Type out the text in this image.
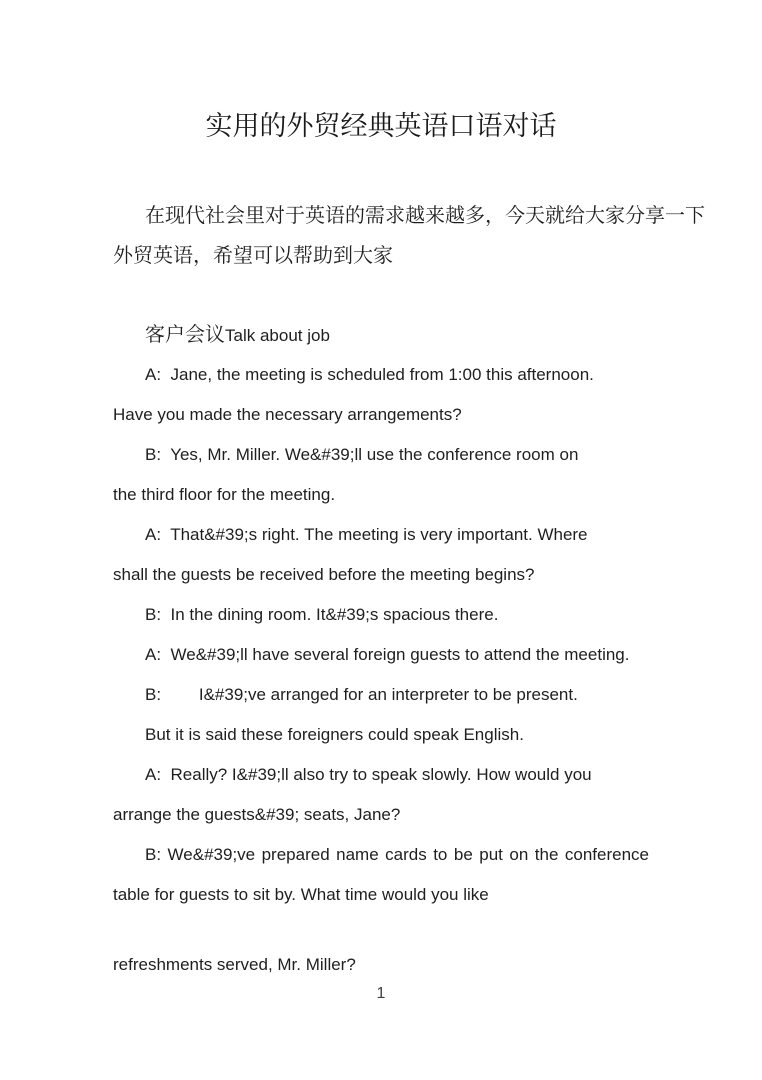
实用的外贸经典英语口语对话
在现代社会里对于英语的需求越来越多，今天就给大家分享一下
外贸英语，希望可以帮助到大家
客户会议Talk about job
A:  Jane, the meeting is scheduled from 1:00 this afternoon.
Have you made the necessary arrangements?
B:  Yes, Mr. Miller. We&#39;ll use the conference room on
the third floor for the meeting.
A:  That&#39;s right. The meeting is very important. Where
shall the guests be received before the meeting begins?
B:  In the dining room. It&#39;s spacious there.
A:  We&#39;ll have several foreign guests to attend the meeting.
B:        I&#39;ve arranged for an interpreter to be present.
But it is said these foreigners could speak English.
A:  Really? I&#39;ll also try to speak slowly. How would you
arrange the guests&#39; seats, Jane?
B: We&#39;ve prepared name cards to be put on the conference
table for guests to sit by. What time would you like
refreshments served, Mr. Miller?
1
